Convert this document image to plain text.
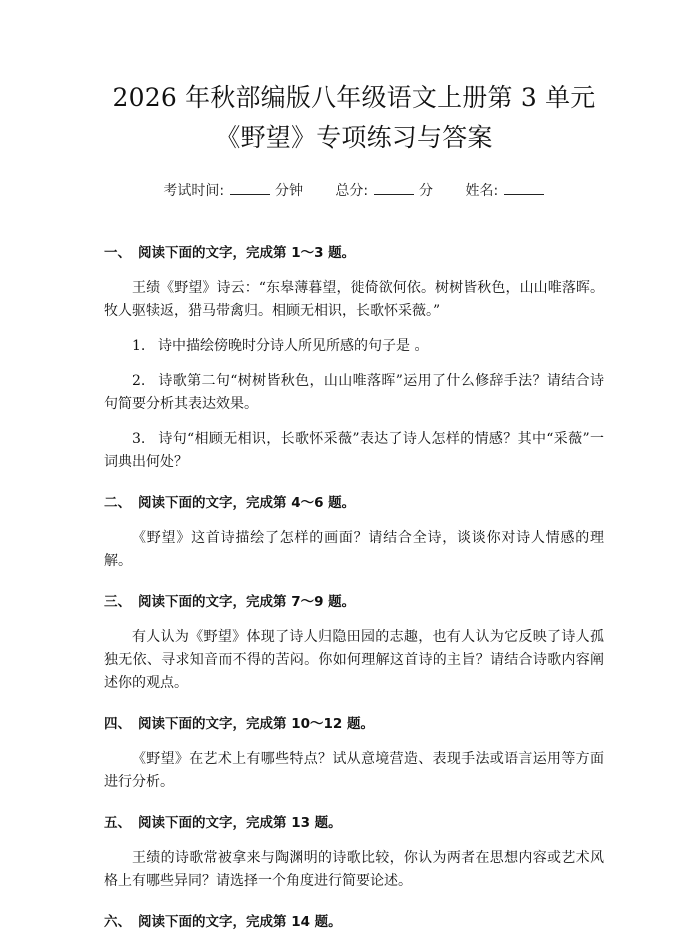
2026 年秋部编版八年级语文上册第 3 单元
《野望》专项练习与答案
考试时间:	分钟 总分:	分 姓名:

一、 阅读下面的文字，完成第 1～3 题。

王绩《野望》诗云：“东皋薄暮望，徙倚欲何依。树树皆秋色，山山唯落晖。牧人驱犊返，猎马带禽归。相顾无相识，长歌怀采薇。”

1. 诗中描绘傍晚时分诗人所见所感的句子是 。

2. 诗歌第二句“树树皆秋色，山山唯落晖”运用了什么修辞手法？请结合诗句简要分析其表达效果。

3. 诗句“相顾无相识，长歌怀采薇”表达了诗人怎样的情感？其中“采薇”一词典出何处？

二、 阅读下面的文字，完成第 4～6 题。

《野望》这首诗描绘了怎样的画面？请结合全诗，谈谈你对诗人情感的理解。

三、 阅读下面的文字，完成第 7～9 题。

有人认为《野望》体现了诗人归隐田园的志趣，也有人认为它反映了诗人孤独无依、寻求知音而不得的苦闷。你如何理解这首诗的主旨？请结合诗歌内容阐述你的观点。

四、 阅读下面的文字，完成第 10～12 题。

《野望》在艺术上有哪些特点？试从意境营造、表现手法或语言运用等方面进行分析。

五、 阅读下面的文字，完成第 13 题。

王绩的诗歌常被拿来与陶渊明的诗歌比较，你认为两者在思想内容或艺术风格上有哪些异同？请选择一个角度进行简要论述。

六、 阅读下面的文字，完成第 14 题。
